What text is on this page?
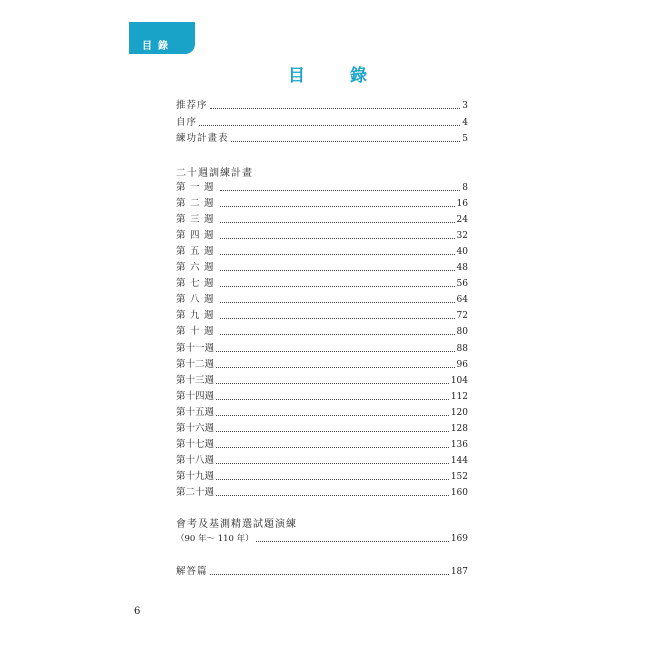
目錄
目　錄
推荐序	3
自序	4
練功計畫表	5
二十週訓練計畫
第一週	8
第二週	16
第三週	24
第四週	32
第五週	40
第六週	48
第七週	56
第八週	64
第九週	72
第十週	80
第十一週	88
第十二週	96
第十三週	104
第十四週	112
第十五週	120
第十六週	128
第十七週	136
第十八週	144
第十九週	152
第二十週	160
會考及基測精選試題演練
（90 年～ 110 年）	169
解答篇	187
6
